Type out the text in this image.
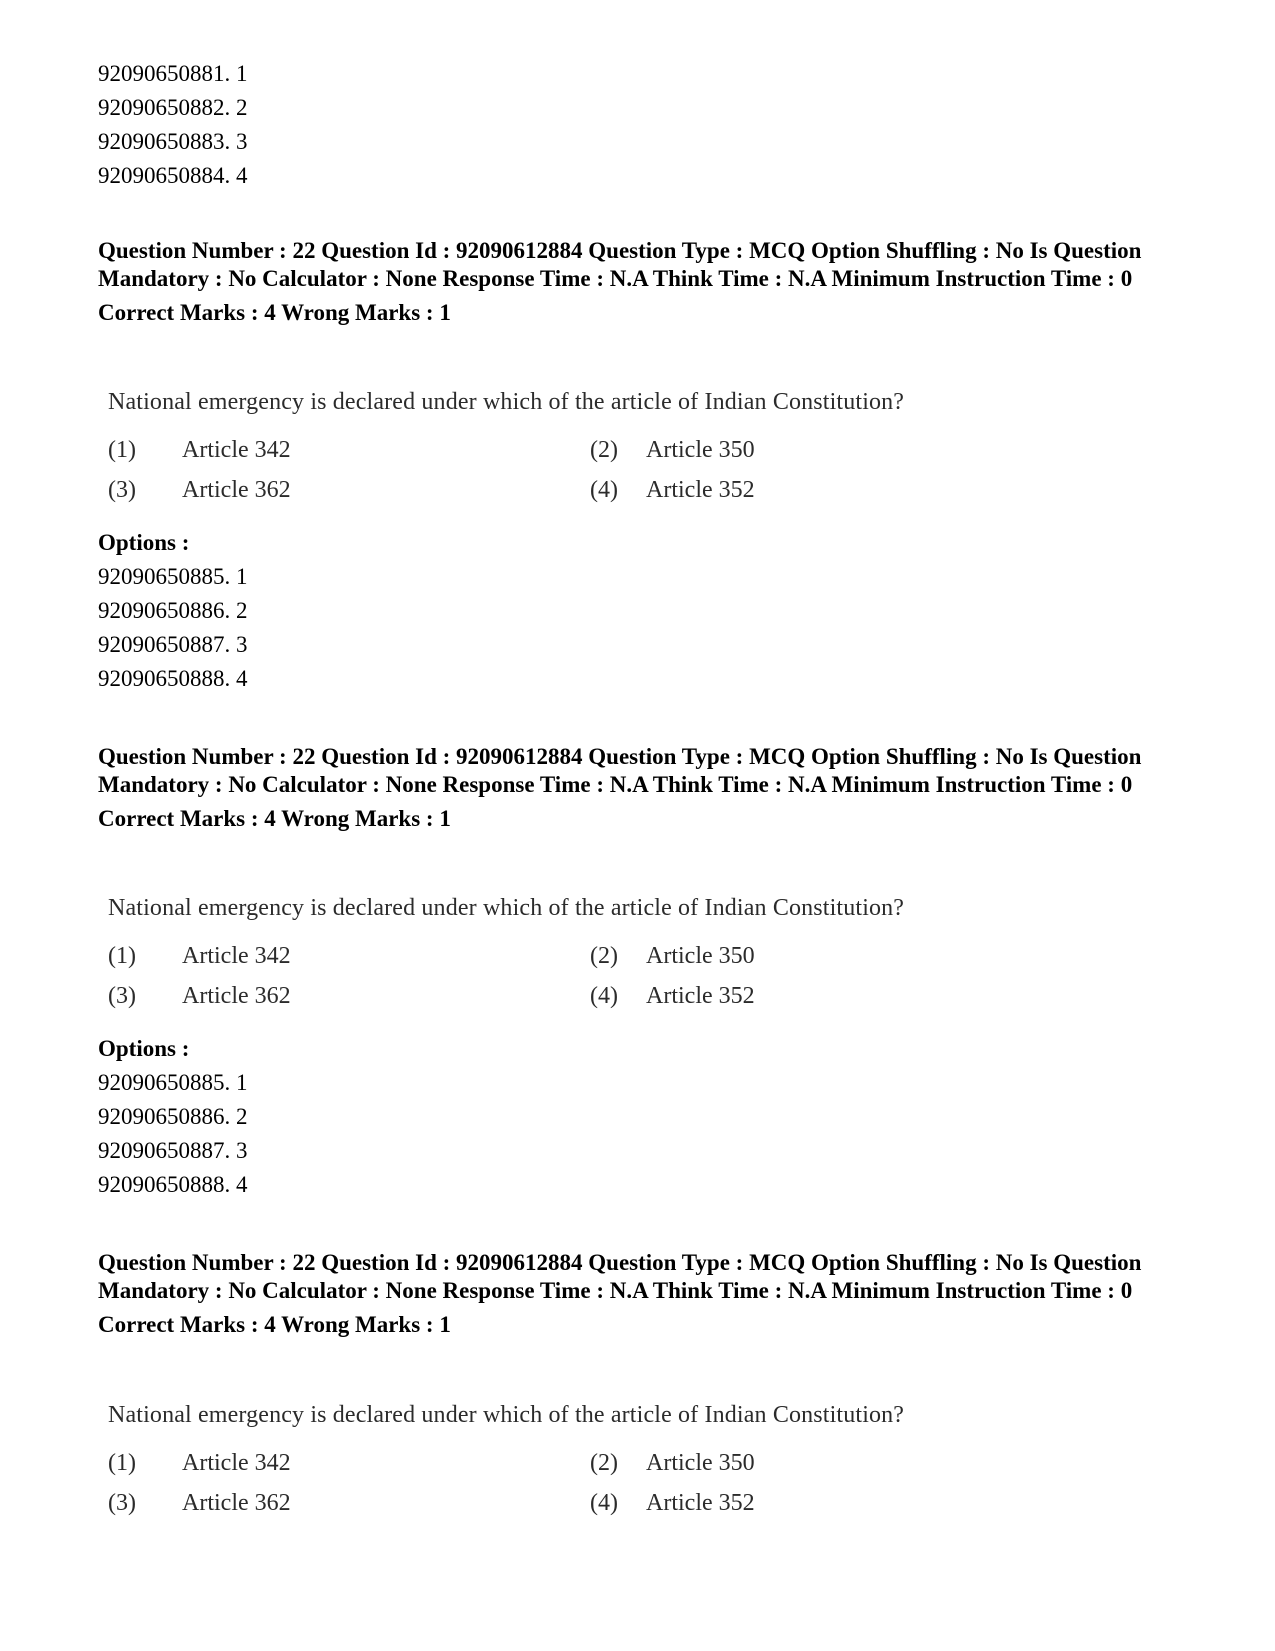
92090650881. 1
92090650882. 2
92090650883. 3
92090650884. 4
Question Number : 22 Question Id : 92090612884 Question Type : MCQ Option Shuffling : No Is Question Mandatory : No Calculator : None Response Time : N.A Think Time : N.A Minimum Instruction Time : 0
Correct Marks : 4 Wrong Marks : 1
National emergency is declared under which of the article of Indian Constitution?
(1) Article 342	(2) Article 350
(3) Article 362	(4) Article 352
Options :
92090650885. 1
92090650886. 2
92090650887. 3
92090650888. 4
Question Number : 22 Question Id : 92090612884 Question Type : MCQ Option Shuffling : No Is Question Mandatory : No Calculator : None Response Time : N.A Think Time : N.A Minimum Instruction Time : 0
Correct Marks : 4 Wrong Marks : 1
National emergency is declared under which of the article of Indian Constitution?
(1) Article 342	(2) Article 350
(3) Article 362	(4) Article 352
Options :
92090650885. 1
92090650886. 2
92090650887. 3
92090650888. 4
Question Number : 22 Question Id : 92090612884 Question Type : MCQ Option Shuffling : No Is Question Mandatory : No Calculator : None Response Time : N.A Think Time : N.A Minimum Instruction Time : 0
Correct Marks : 4 Wrong Marks : 1
National emergency is declared under which of the article of Indian Constitution?
(1) Article 342	(2) Article 350
(3) Article 362	(4) Article 352
